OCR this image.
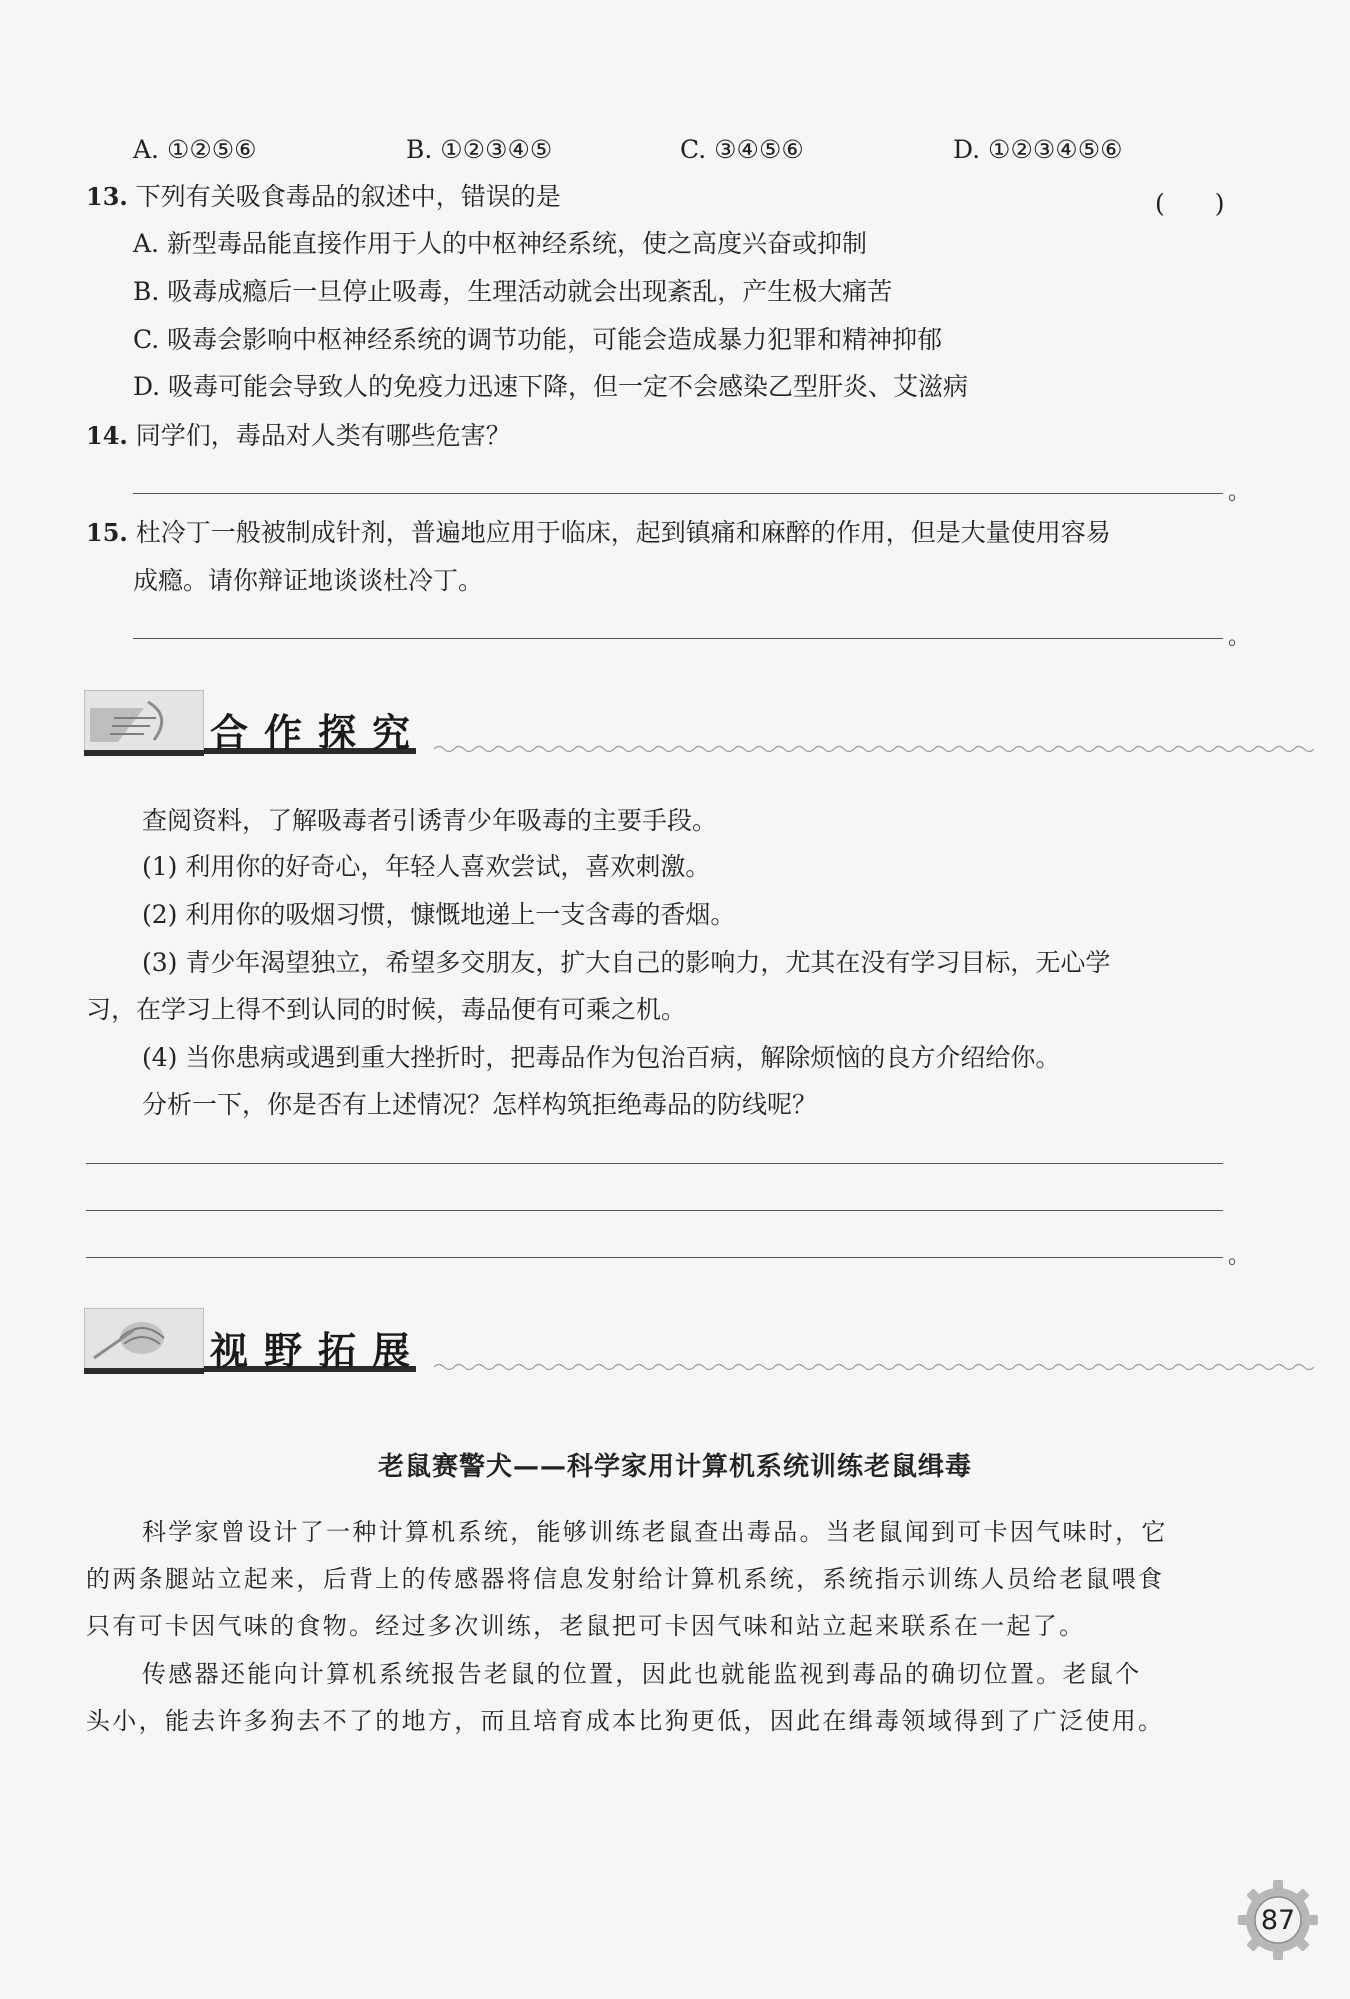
A. ①②⑤⑥	B. ①②③④⑤	C. ③④⑤⑥	D. ①②③④⑤⑥
13. 下列有关吸食毒品的叙述中，错误的是	(　　)
A. 新型毒品能直接作用于人的中枢神经系统，使之高度兴奋或抑制
B. 吸毒成瘾后一旦停止吸毒，生理活动就会出现紊乱，产生极大痛苦
C. 吸毒会影响中枢神经系统的调节功能，可能会造成暴力犯罪和精神抑郁
D. 吸毒可能会导致人的免疫力迅速下降，但一定不会感染乙型肝炎、艾滋病
14. 同学们，毒品对人类有哪些危害？
。
15. 杜冷丁一般被制成针剂，普遍地应用于临床，起到镇痛和麻醉的作用，但是大量使用容易
成瘾。请你辩证地谈谈杜冷丁。
。
合作探究
查阅资料，了解吸毒者引诱青少年吸毒的主要手段。
(1) 利用你的好奇心，年轻人喜欢尝试，喜欢刺激。
(2) 利用你的吸烟习惯，慷慨地递上一支含毒的香烟。
(3) 青少年渴望独立，希望多交朋友，扩大自己的影响力，尤其在没有学习目标，无心学
习，在学习上得不到认同的时候，毒品便有可乘之机。
(4) 当你患病或遇到重大挫折时，把毒品作为包治百病，解除烦恼的良方介绍给你。
分析一下，你是否有上述情况？怎样构筑拒绝毒品的防线呢？
。
视野拓展
老鼠赛警犬——科学家用计算机系统训练老鼠缉毒
科学家曾设计了一种计算机系统，能够训练老鼠查出毒品。当老鼠闻到可卡因气味时，它
的两条腿站立起来，后背上的传感器将信息发射给计算机系统，系统指示训练人员给老鼠喂食
只有可卡因气味的食物。经过多次训练，老鼠把可卡因气味和站立起来联系在一起了。
传感器还能向计算机系统报告老鼠的位置，因此也就能监视到毒品的确切位置。老鼠个
头小，能去许多狗去不了的地方，而且培育成本比狗更低，因此在缉毒领域得到了广泛使用。
87
